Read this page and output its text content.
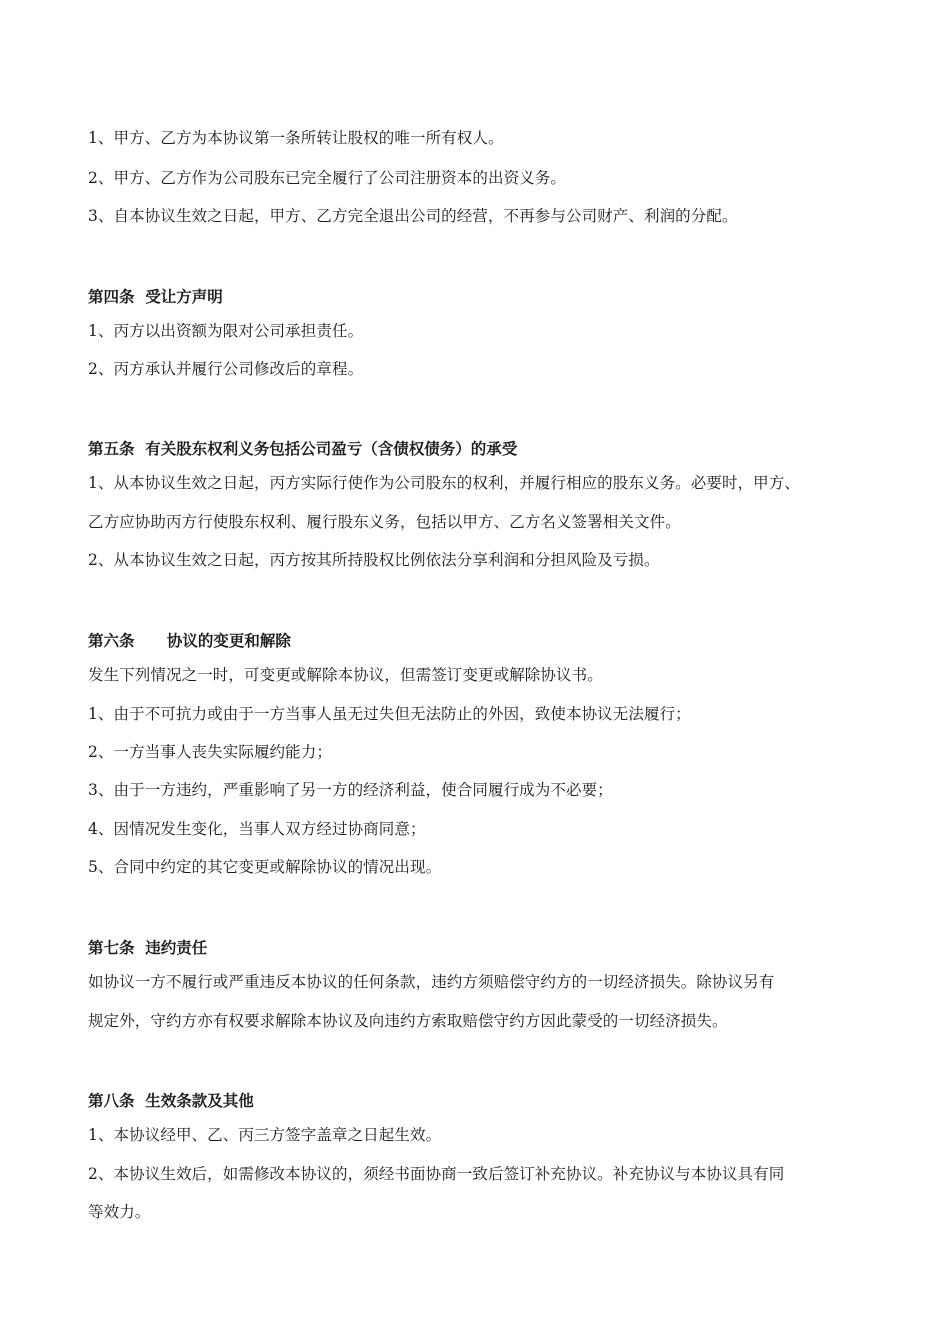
1、甲方、乙方为本协议第一条所转让股权的唯一所有权人。

2、甲方、乙方作为公司股东已完全履行了公司注册资本的出资义务。

3、自本协议生效之日起，甲方、乙方完全退出公司的经营，不再参与公司财产、利润的分配。

第四条  受让方声明

1、丙方以出资额为限对公司承担责任。

2、丙方承认并履行公司修改后的章程。

第五条  有关股东权利义务包括公司盈亏（含债权债务）的承受

1、从本协议生效之日起，丙方实际行使作为公司股东的权利，并履行相应的股东义务。必要时，甲方、

乙方应协助丙方行使股东权利、履行股东义务，包括以甲方、乙方名义签署相关文件。

2、从本协议生效之日起，丙方按其所持股权比例依法分享利润和分担风险及亏损。

第六条      协议的变更和解除

发生下列情况之一时，可变更或解除本协议，但需签订变更或解除协议书。

1、由于不可抗力或由于一方当事人虽无过失但无法防止的外因，致使本协议无法履行；

2、一方当事人丧失实际履约能力；

3、由于一方违约，严重影响了另一方的经济利益，使合同履行成为不必要；

4、因情况发生变化，当事人双方经过协商同意；

5、合同中约定的其它变更或解除协议的情况出现。

第七条  违约责任

如协议一方不履行或严重违反本协议的任何条款，违约方须赔偿守约方的一切经济损失。除协议另有

规定外，守约方亦有权要求解除本协议及向违约方索取赔偿守约方因此蒙受的一切经济损失。

第八条  生效条款及其他

1、本协议经甲、乙、丙三方签字盖章之日起生效。

2、本协议生效后，如需修改本协议的，须经书面协商一致后签订补充协议。补充协议与本协议具有同

等效力。
